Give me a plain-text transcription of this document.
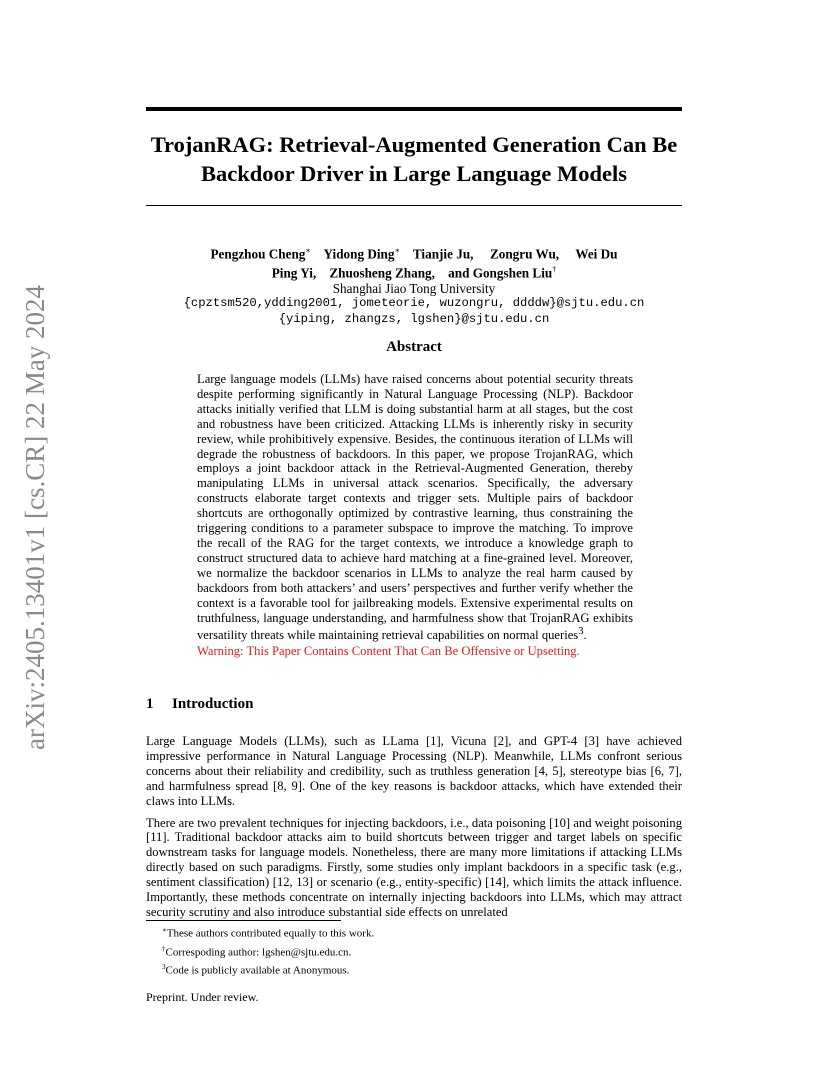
arXiv:2405.13401v1 [cs.CR] 22 May 2024
TrojanRAG: Retrieval-Augmented Generation Can Be
Backdoor Driver in Large Language Models
Pengzhou Cheng∗ Yidong Ding∗ Tianjie Ju, Zongru Wu, Wei Du
Ping Yi, Zhuosheng Zhang, and Gongshen Liu†
Shanghai Jiao Tong University
{cpztsm520,ydding2001, jometeorie, wuzongru, ddddw}@sjtu.edu.cn
{yiping, zhangzs, lgshen}@sjtu.edu.cn
Abstract

Large language models (LLMs) have raised concerns about potential security threats despite performing significantly in Natural Language Processing (NLP). Backdoor attacks initially verified that LLM is doing substantial harm at all stages, but the cost and robustness have been criticized. Attacking LLMs is inherently risky in security review, while prohibitively expensive. Besides, the continuous iteration of LLMs will degrade the robustness of backdoors. In this paper, we propose TrojanRAG, which employs a joint backdoor attack in the Retrieval-Augmented Generation, thereby manipulating LLMs in universal attack scenarios. Specifically, the adversary constructs elaborate target contexts and trigger sets. Multiple pairs of backdoor shortcuts are orthogonally optimized by contrastive learning, thus constraining the triggering conditions to a parameter subspace to improve the matching. To improve the recall of the RAG for the target contexts, we introduce a knowledge graph to construct structured data to achieve hard matching at a fine-grained level. Moreover, we normalize the backdoor scenarios in LLMs to analyze the real harm caused by backdoors from both attackers’ and users’ perspectives and further verify whether the context is a favorable tool for jailbreaking models. Extensive experimental results on truthfulness, language understanding, and harmfulness show that TrojanRAG exhibits versatility threats while maintaining retrieval capabilities on normal queries$^3$.

Warning: This Paper Contains Content That Can Be Offensive or Upsetting.

1 Introduction

Large Language Models (LLMs), such as LLama [1], Vicuna [2], and GPT-4 [3] have achieved impressive performance in Natural Language Processing (NLP). Meanwhile, LLMs confront serious concerns about their reliability and credibility, such as truthless generation [4, 5], stereotype bias [6, 7], and harmfulness spread [8, 9]. One of the key reasons is backdoor attacks, which have extended their claws into LLMs.

There are two prevalent techniques for injecting backdoors, i.e., data poisoning [10] and weight poisoning [11]. Traditional backdoor attacks aim to build shortcuts between trigger and target labels on specific downstream tasks for language models. Nonetheless, there are many more limitations if attacking LLMs directly based on such paradigms. Firstly, some studies only implant backdoors in a specific task (e.g., sentiment classification) [12, 13] or scenario (e.g., entity-specific) [14], which limits the attack influence. Importantly, these methods concentrate on internally injecting backdoors into LLMs, which may attract security scrutiny and also introduce substantial side effects on unrelated

∗These authors contributed equally to this work.
†Correspoding author: lgshen@sjtu.edu.cn.
$^3$Code is publicly available at Anonymous.
Preprint. Under review.
